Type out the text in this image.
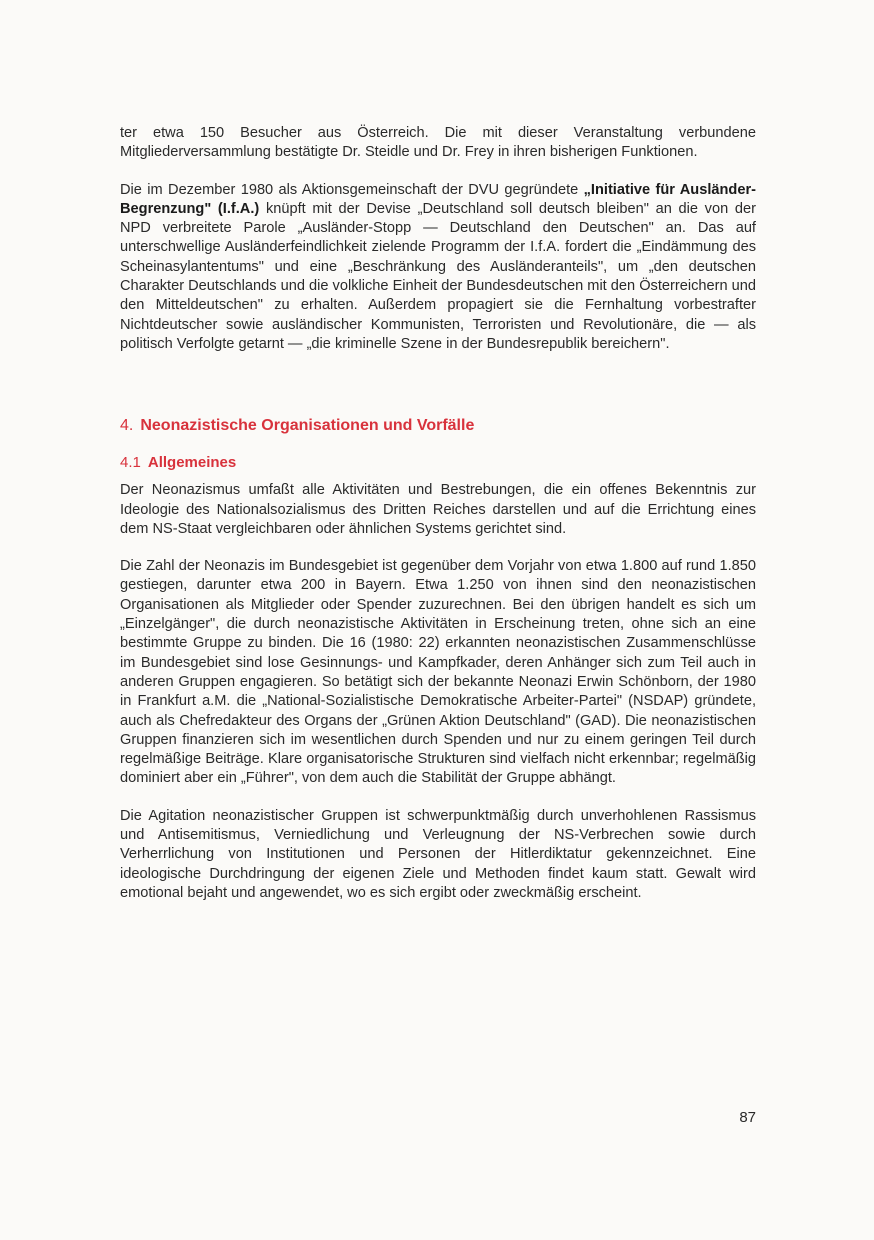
ter etwa 150 Besucher aus Österreich. Die mit dieser Veranstaltung verbundene Mitgliederversammlung bestätigte Dr. Steidle und Dr. Frey in ihren bisherigen Funktionen.

Die im Dezember 1980 als Aktionsgemeinschaft der DVU gegründete „Initiative für Ausländer-Begrenzung" (I.f.A.) knüpft mit der Devise „Deutschland soll deutsch bleiben" an die von der NPD verbreitete Parole „Ausländer-Stopp — Deutschland den Deutschen" an. Das auf unterschwellige Ausländerfeindlichkeit zielende Programm der I.f.A. fordert die „Eindämmung des Scheinasylantentums" und eine „Beschränkung des Ausländeranteils", um „den deutschen Charakter Deutschlands und die volkliche Einheit der Bundesdeutschen mit den Österreichern und den Mitteldeutschen" zu erhalten. Außerdem propagiert sie die Fernhaltung vorbestrafter Nichtdeutscher sowie ausländischer Kommunisten, Terroristen und Revolutionäre, die — als politisch Verfolgte getarnt — „die kriminelle Szene in der Bundesrepublik bereichern".

4. Neonazistische Organisationen und Vorfälle
4.1 Allgemeines

Der Neonazismus umfaßt alle Aktivitäten und Bestrebungen, die ein offenes Bekenntnis zur Ideologie des Nationalsozialismus des Dritten Reiches darstellen und auf die Errichtung eines dem NS-Staat vergleichbaren oder ähnlichen Systems gerichtet sind.

Die Zahl der Neonazis im Bundesgebiet ist gegenüber dem Vorjahr von etwa 1.800 auf rund 1.850 gestiegen, darunter etwa 200 in Bayern. Etwa 1.250 von ihnen sind den neonazistischen Organisationen als Mitglieder oder Spender zuzurechnen. Bei den übrigen handelt es sich um „Einzelgänger", die durch neonazistische Aktivitäten in Erscheinung treten, ohne sich an eine bestimmte Gruppe zu binden. Die 16 (1980: 22) erkannten neonazistischen Zusammenschlüsse im Bundesgebiet sind lose Gesinnungs- und Kampfkader, deren Anhänger sich zum Teil auch in anderen Gruppen engagieren. So betätigt sich der bekannte Neonazi Erwin Schönborn, der 1980 in Frankfurt a.M. die „National-Sozialistische Demokratische Arbeiter-Partei" (NSDAP) gründete, auch als Chefredakteur des Organs der „Grünen Aktion Deutschland" (GAD). Die neonazistischen Gruppen finanzieren sich im wesentlichen durch Spenden und nur zu einem geringen Teil durch regelmäßige Beiträge. Klare organisatorische Strukturen sind vielfach nicht erkennbar; regelmäßig dominiert aber ein „Führer", von dem auch die Stabilität der Gruppe abhängt.

Die Agitation neonazistischer Gruppen ist schwerpunktmäßig durch unverhohlenen Rassismus und Antisemitismus, Verniedlichung und Verleugnung der NS-Verbrechen sowie durch Verherrlichung von Institutionen und Personen der Hitlerdiktatur gekennzeichnet. Eine ideologische Durchdringung der eigenen Ziele und Methoden findet kaum statt. Gewalt wird emotional bejaht und angewendet, wo es sich ergibt oder zweckmäßig erscheint.

87
